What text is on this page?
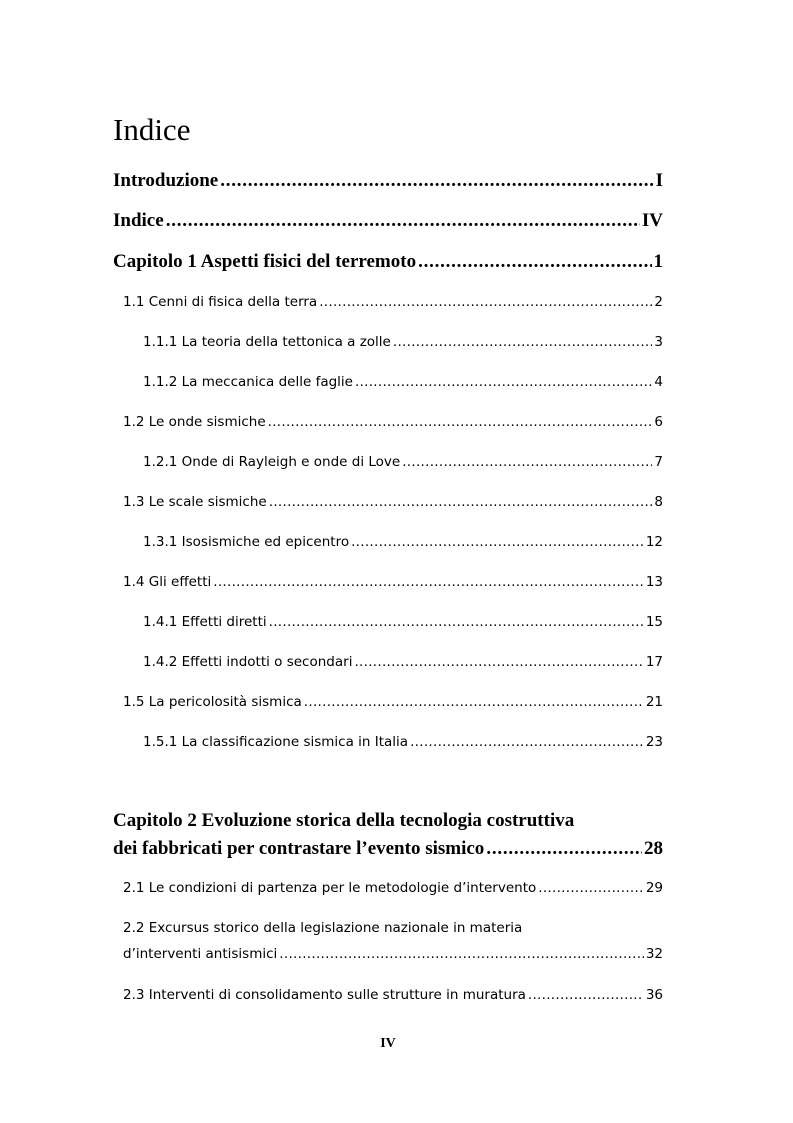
Indice
Introduzione . . .	I
Indice . . .	IV
Capitolo 1 Aspetti fisici del terremoto . . .	1
1.1 Cenni di fisica della terra . . .	2
1.1.1 La teoria della tettonica a zolle . . .	3
1.1.2 La meccanica delle faglie . . .	4
1.2 Le onde sismiche . . .	6
1.2.1 Onde di Rayleigh e onde di Love . . .	7
1.3 Le scale sismiche . . .	8
1.3.1 Isosismiche ed epicentro . . .	12
1.4 Gli effetti . . .	13
1.4.1 Effetti diretti . . .	15
1.4.2 Effetti indotti o secondari . . .	17
1.5 La pericolosità sismica . . .	21
1.5.1 La classificazione sismica in Italia . . .	23
Capitolo 2 Evoluzione storica della tecnologia costruttiva
dei fabbricati per contrastare l’evento sismico . . .	28
2.1 Le condizioni di partenza per le metodologie d’intervento . . .	29
2.2 Excursus storico della legislazione nazionale in materia
d’interventi antisismici . . .	32
2.3 Interventi di consolidamento sulle strutture in muratura . . .	36
IV
